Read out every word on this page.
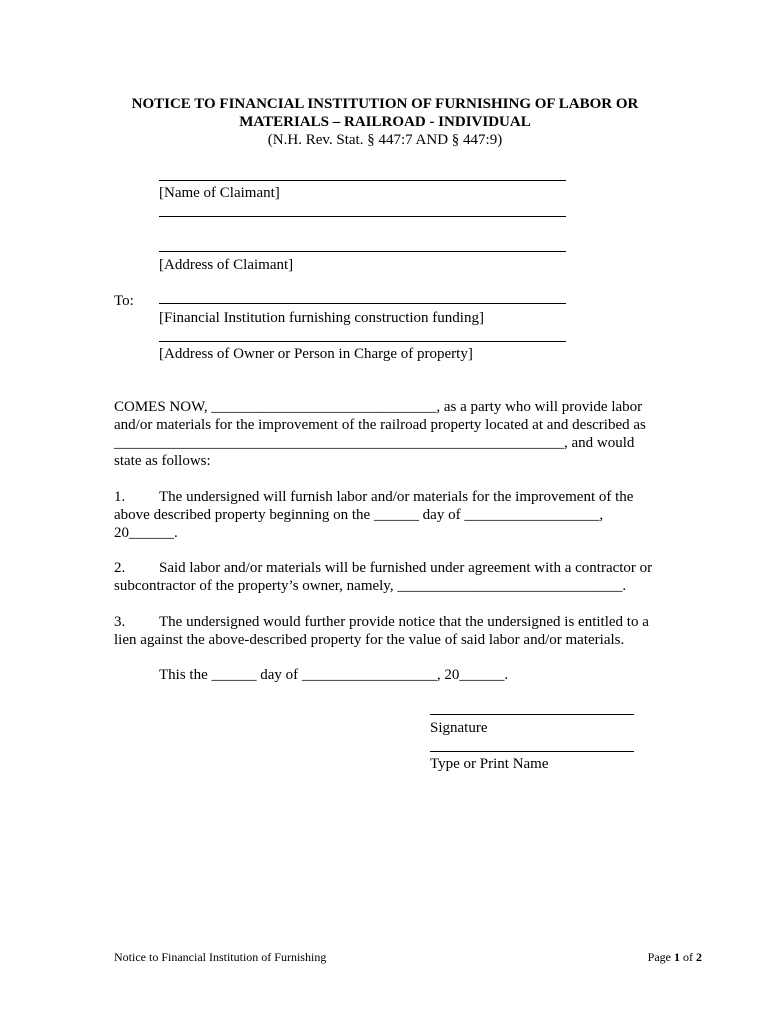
NOTICE TO FINANCIAL INSTITUTION OF FURNISHING OF LABOR OR
MATERIALS – RAILROAD - INDIVIDUAL
(N.H. Rev. Stat. § 447:7 AND § 447:9)
[Name of Claimant]
[Address of Claimant]
To:
[Financial Institution furnishing construction funding]
[Address of Owner or Person in Charge of property]
COMES NOW, ______________________________, as a party who will provide labor
and/or materials for the improvement of the railroad property located at and described as
____________________________________________________________, and would
state as follows:
1. The undersigned will furnish labor and/or materials for the improvement of the
above described property beginning on the ______ day of __________________,
20______.
2. Said labor and/or materials will be furnished under agreement with a contractor or
subcontractor of the property’s owner, namely, ______________________________.
3. The undersigned would further provide notice that the undersigned is entitled to a
lien against the above-described property for the value of said labor and/or materials.
This the ______ day of __________________, 20______.
Signature
Type or Print Name
Notice to Financial Institution of Furnishing	Page 1 of 2
